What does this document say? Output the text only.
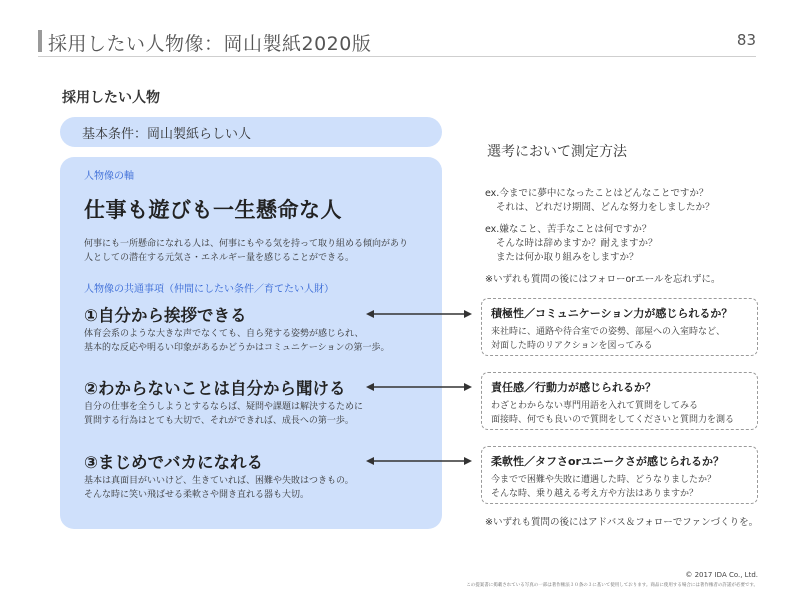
採用したい人物像：岡山製紙2020版	83
採用したい人物
基本条件：岡山製紙らしい人
人物像の軸
仕事も遊びも一生懸命な人
何事にも一所懸命になれる人は、何事にもやる気を持って取り組める傾向があり
人としての潜在する元気さ・エネルギー量を感じることができる。
人物像の共通事項（仲間にしたい条件／育てたい人財）
①自分から挨拶できる
体育会系のような大きな声でなくても、自ら発する姿勢が感じられ、
基本的な反応や明るい印象があるかどうかはコミュニケーションの第一歩。
②わからないことは自分から聞ける
自分の仕事を全うしようとするならば、疑問や課題は解決するために
質問する行為はとても大切で、それができれば、成長への第一歩。
③まじめでバカになれる
基本は真面目がいいけど、生きていれば、困難や失敗はつきもの。
そんな時に笑い飛ばせる柔軟さや開き直れる器も大切。
選考において測定方法
ex.今までに夢中になったことはどんなことですか？
それは、どれだけ期間、どんな努力をしましたか？
ex.嫌なこと、苦手なことは何ですか？
そんな時は辞めますか？耐えますか？
または何か取り組みをしますか？
※いずれも質問の後にはフォローorエールを忘れずに。
積極性／コミュニケーション力が感じられるか？
来社時に、通路や待合室での姿勢、部屋への入室時など、
対面した時のリアクションを図ってみる
責任感／行動力が感じられるか？
わざとわからない専門用語を入れて質問をしてみる
面接時、何でも良いので質問をしてくださいと質問力を測る
柔軟性／タフさorユニークさが感じられるか？
今までで困難や失敗に遭遇した時、どうなりましたか？
そんな時、乗り越える考え方や方法はありますか？
※いずれも質問の後にはアドバス＆フォローでファンづくりを。
© 2017 IDA Co., Ltd.
この提案書に掲載されている写真の一部は著作権法３０条の３に基いて使用しております。商品に使用する場合には著作権者の許諾が必要です。
